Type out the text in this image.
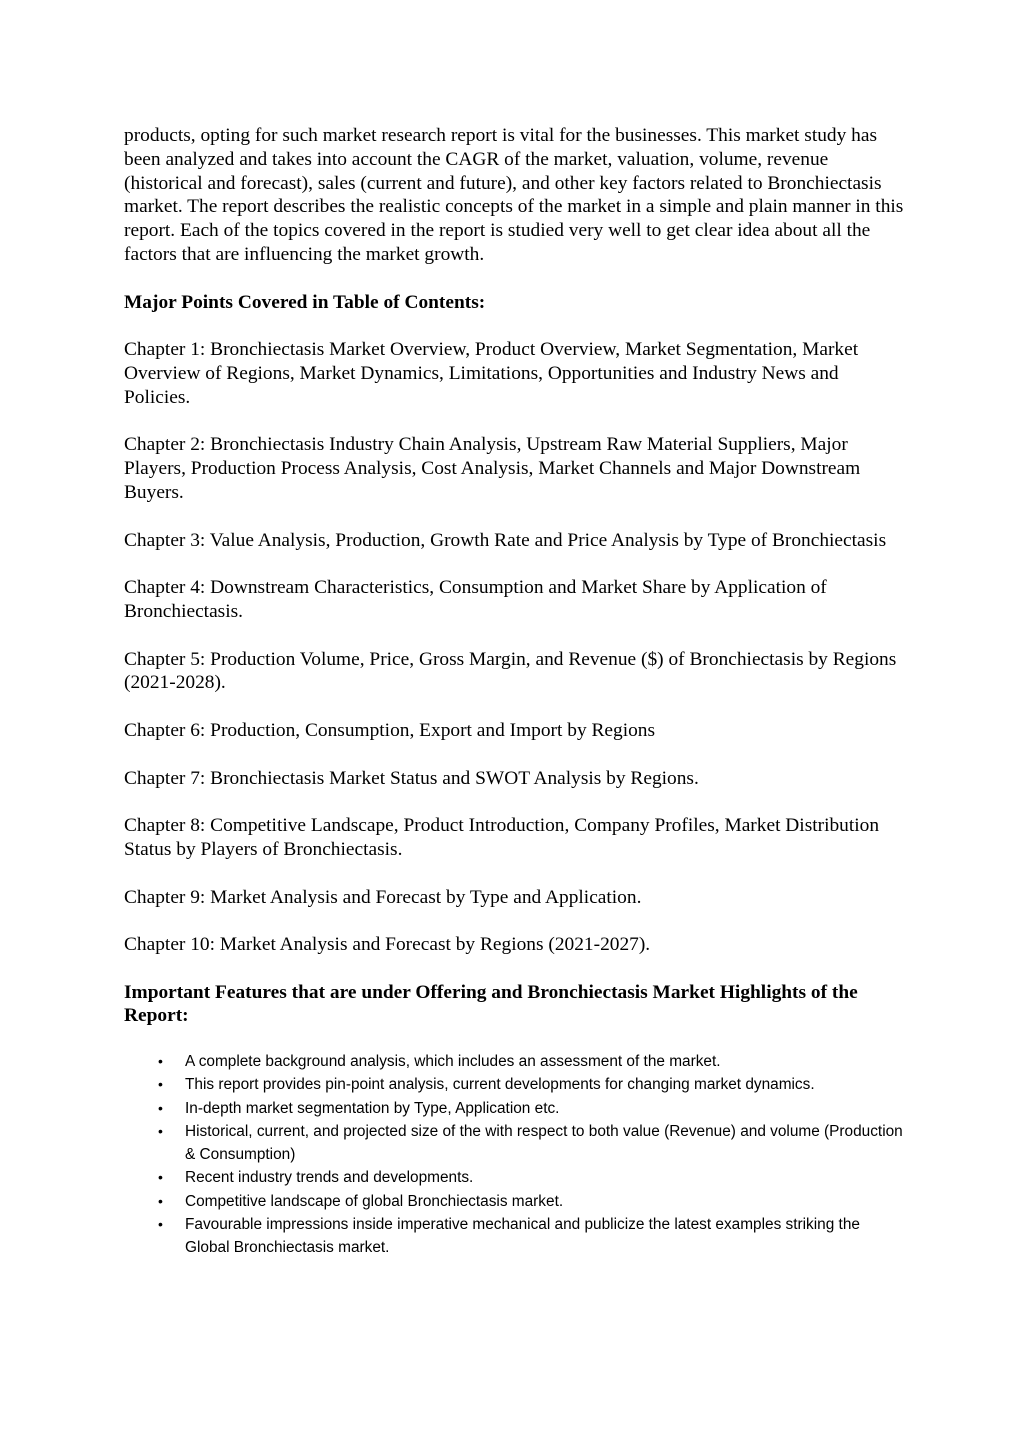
products, opting for such market research report is vital for the businesses. This market study has been analyzed and takes into account the CAGR of the market, valuation, volume, revenue (historical and forecast), sales (current and future), and other key factors related to Bronchiectasis market. The report describes the realistic concepts of the market in a simple and plain manner in this report. Each of the topics covered in the report is studied very well to get clear idea about all the factors that are influencing the market growth.

Major Points Covered in Table of Contents:

Chapter 1: Bronchiectasis Market Overview, Product Overview, Market Segmentation, Market Overview of Regions, Market Dynamics, Limitations, Opportunities and Industry News and Policies.

Chapter 2: Bronchiectasis Industry Chain Analysis, Upstream Raw Material Suppliers, Major Players, Production Process Analysis, Cost Analysis, Market Channels and Major Downstream Buyers.

Chapter 3: Value Analysis, Production, Growth Rate and Price Analysis by Type of Bronchiectasis

Chapter 4: Downstream Characteristics, Consumption and Market Share by Application of Bronchiectasis.

Chapter 5: Production Volume, Price, Gross Margin, and Revenue ($) of Bronchiectasis by Regions (2021-2028).

Chapter 6: Production, Consumption, Export and Import by Regions

Chapter 7: Bronchiectasis Market Status and SWOT Analysis by Regions.

Chapter 8: Competitive Landscape, Product Introduction, Company Profiles, Market Distribution Status by Players of Bronchiectasis.

Chapter 9: Market Analysis and Forecast by Type and Application.

Chapter 10: Market Analysis and Forecast by Regions (2021-2027).

Important Features that are under Offering and Bronchiectasis Market Highlights of the Report:

• A complete background analysis, which includes an assessment of the market.
• This report provides pin-point analysis, current developments for changing market dynamics.
• In-depth market segmentation by Type, Application etc.
• Historical, current, and projected size of the with respect to both value (Revenue) and volume (Production & Consumption)
• Recent industry trends and developments.
• Competitive landscape of global Bronchiectasis market.
• Favourable impressions inside imperative mechanical and publicize the latest examples striking the Global Bronchiectasis market.
